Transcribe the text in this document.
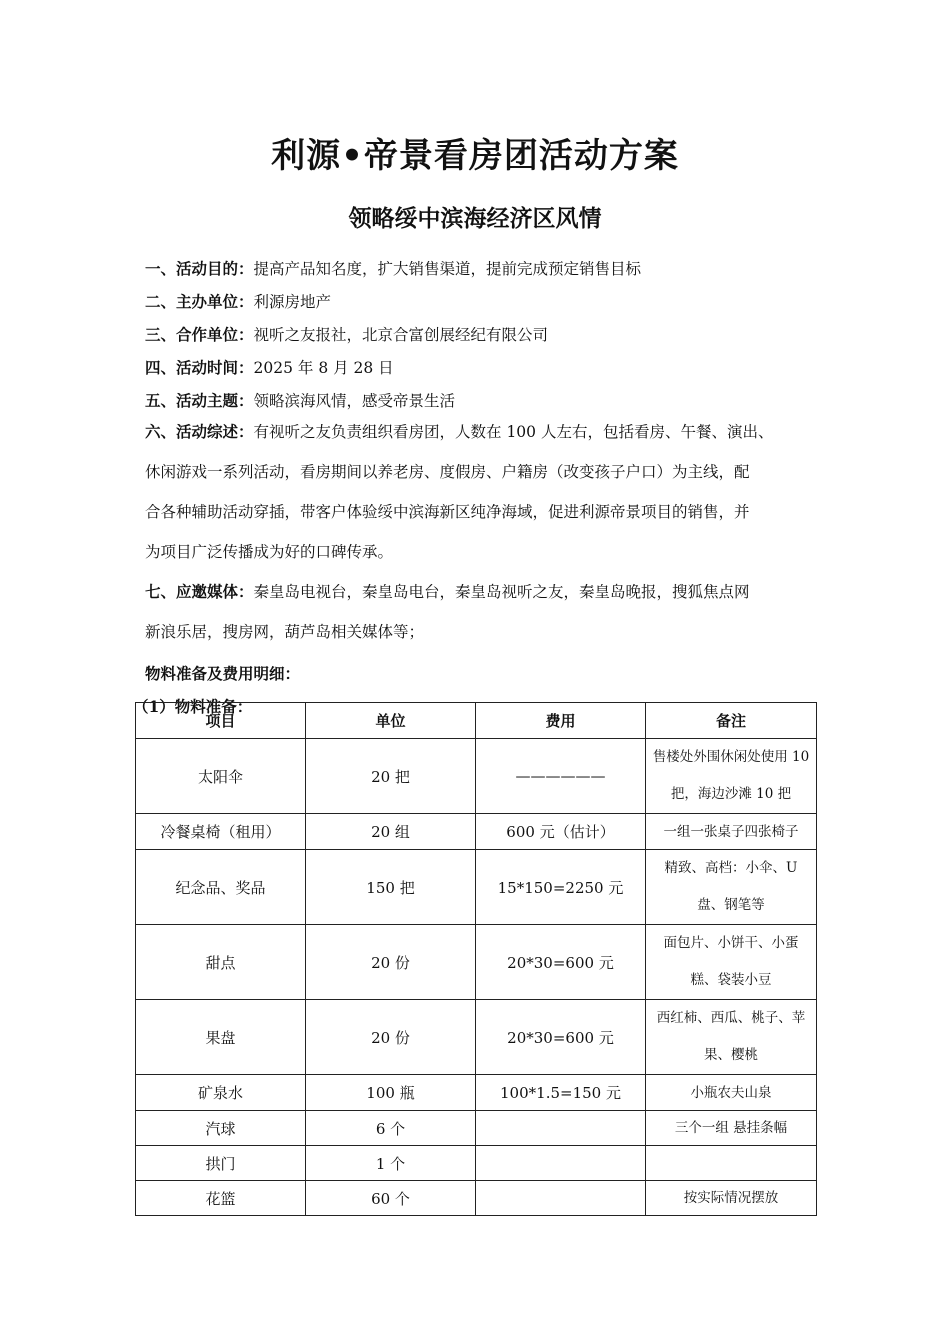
利源•帝景看房团活动方案
领略绥中滨海经济区风情
一、活动目的：提高产品知名度，扩大销售渠道，提前完成预定销售目标
二、主办单位：利源房地产
三、合作单位：视听之友报社，北京合富创展经纪有限公司
四、活动时间：2025 年 8 月 28 日
五、活动主题：领略滨海风情，感受帝景生活
六、活动综述：有视听之友负责组织看房团，人数在 100 人左右，包括看房、午餐、演出、
休闲游戏一系列活动，看房期间以养老房、度假房、户籍房（改变孩子户口）为主线，配
合各种辅助活动穿插，带客户体验绥中滨海新区纯净海域，促进利源帝景项目的销售，并
为项目广泛传播成为好的口碑传承。
七、应邀媒体：秦皇岛电视台，秦皇岛电台，秦皇岛视听之友，秦皇岛晚报，搜狐焦点网
新浪乐居，搜房网，葫芦岛相关媒体等；
物料准备及费用明细：
（1）物料准备：
项目	单位	费用	备注
太阳伞	20 把	——————	售楼处外围休闲处使用 10 把，海边沙滩 10 把
冷餐桌椅（租用）	20 组	600 元（估计）	一组一张桌子四张椅子
纪念品、奖品	150 把	15*150=2250 元	精致、高档：小伞、U 盘、钢笔等
甜点	20 份	20*30=600 元	面包片、小饼干、小蛋糕、袋装小豆
果盘	20 份	20*30=600 元	西红柿、西瓜、桃子、苹果、樱桃
矿泉水	100 瓶	100*1.5=150 元	小瓶农夫山泉
汽球	6 个		三个一组 悬挂条幅
拱门	1 个		
花篮	60 个		按实际情况摆放
